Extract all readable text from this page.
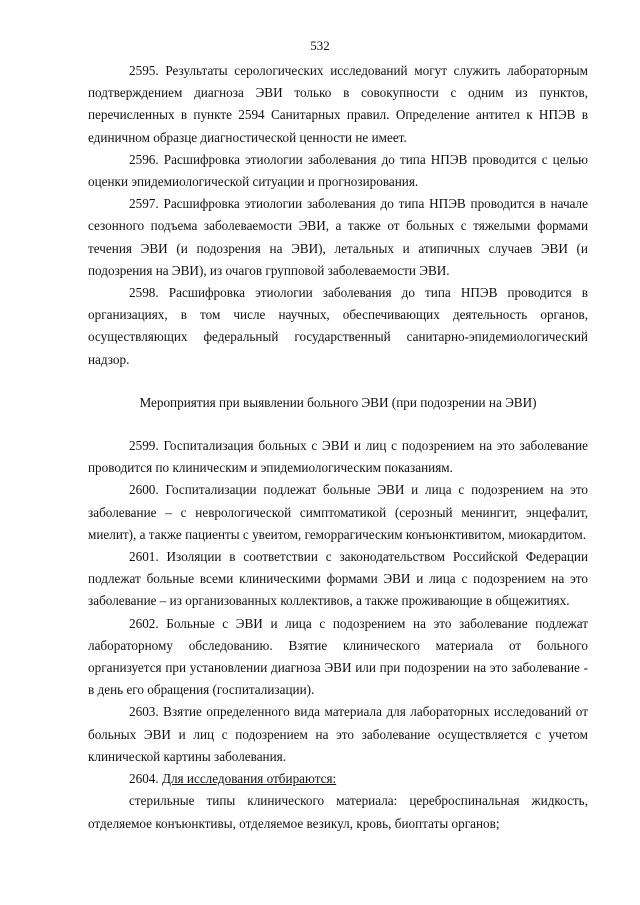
532

2595. Результаты серологических исследований могут служить лабораторным подтверждением диагноза ЭВИ только в совокупности с одним из пунктов, перечисленных в пункте 2594 Санитарных правил. Определение антител к НПЭВ в единичном образце диагностической ценности не имеет.

2596. Расшифровка этиологии заболевания до типа НПЭВ проводится с целью оценки эпидемиологической ситуации и прогнозирования.

2597. Расшифровка этиологии заболевания до типа НПЭВ проводится в начале сезонного подъема заболеваемости ЭВИ, а также от больных с тяжелыми формами течения ЭВИ (и подозрения на ЭВИ), летальных и атипичных случаев ЭВИ (и подозрения на ЭВИ), из очагов групповой заболеваемости ЭВИ.

2598. Расшифровка этиологии заболевания до типа НПЭВ проводится в организациях, в том числе научных, обеспечивающих деятельность органов, осуществляющих федеральный государственный санитарно-эпидемиологический надзор.

Мероприятия при выявлении больного ЭВИ (при подозрении на ЭВИ)

2599. Госпитализация больных с ЭВИ и лиц с подозрением на это заболевание проводится по клиническим и эпидемиологическим показаниям.

2600. Госпитализации подлежат больные ЭВИ и лица с подозрением на это заболевание – с неврологической симптоматикой (серозный менингит, энцефалит, миелит), а также пациенты с увеитом, геморрагическим конъюнктивитом, миокардитом.

2601. Изоляции в соответствии с законодательством Российской Федерации подлежат больные всеми клиническими формами ЭВИ и лица с подозрением на это заболевание – из организованных коллективов, а также проживающие в общежитиях.

2602. Больные с ЭВИ и лица с подозрением на это заболевание подлежат лабораторному обследованию. Взятие клинического материала от больного организуется при установлении диагноза ЭВИ или при подозрении на это заболевание - в день его обращения (госпитализации).

2603. Взятие определенного вида материала для лабораторных исследований от больных ЭВИ и лиц с подозрением на это заболевание осуществляется с учетом клинической картины заболевания.

2604. Для исследования отбираются:

стерильные типы клинического материала: цереброспинальная жидкость, отделяемое конъюнктивы, отделяемое везикул, кровь, биоптаты органов;
